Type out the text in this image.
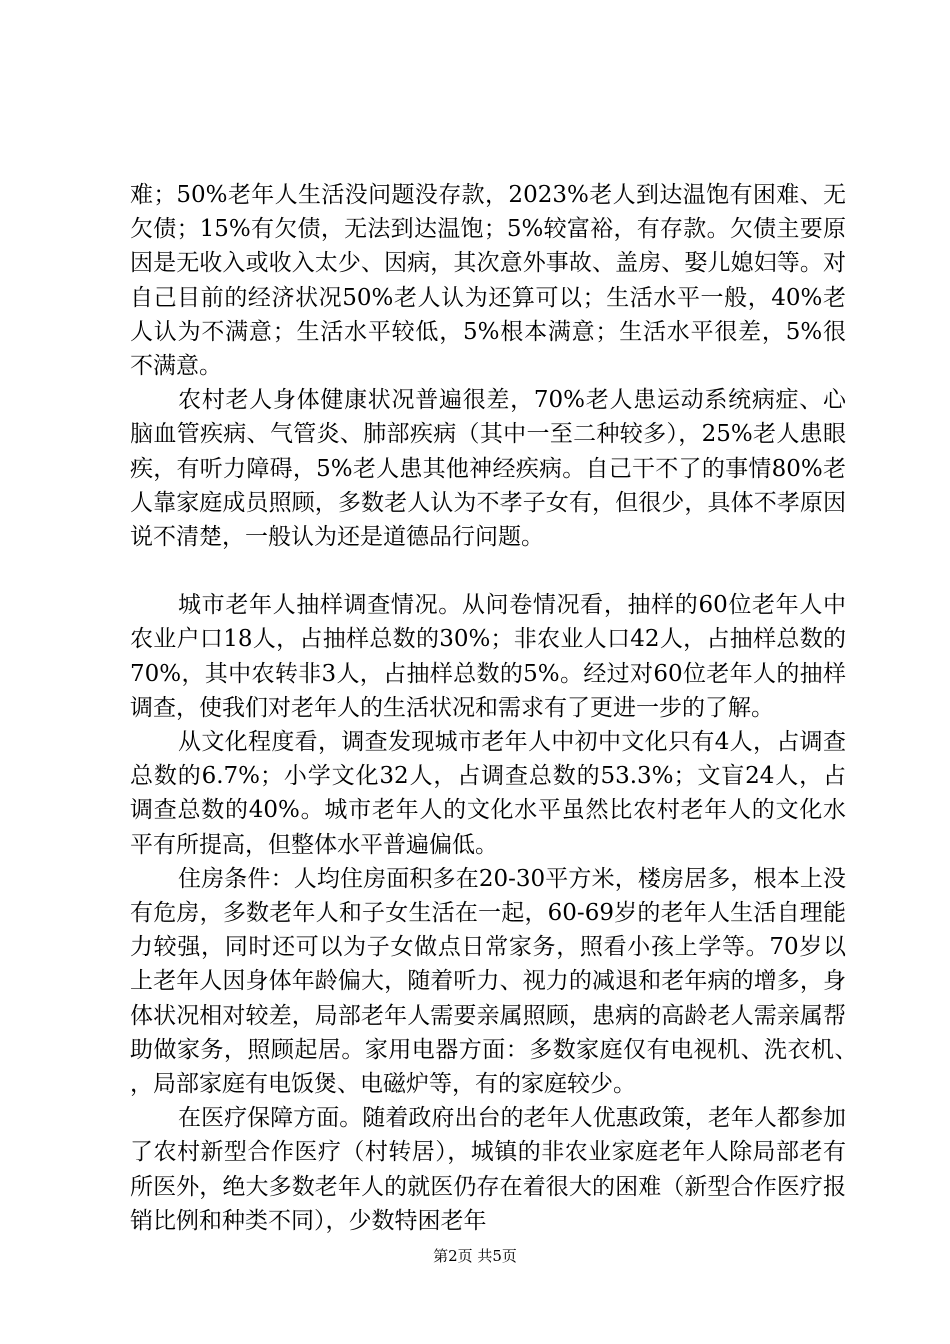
难；50%老年人生活没问题没存款，2023%老人到达温饱有困难、无欠债；15%有欠债，无法到达温饱；5%较富裕，有存款。欠债主要原因是无收入或收入太少、因病，其次意外事故、盖房、娶儿媳妇等。对自己目前的经济状况50%老人认为还算可以；生活水平一般，40%老人认为不满意；生活水平较低，5%根本满意；生活水平很差，5%很不满意。

农村老人身体健康状况普遍很差，70%老人患运动系统病症、心脑血管疾病、气管炎、肺部疾病（其中一至二种较多），25%老人患眼疾，有听力障碍，5%老人患其他神经疾病。自己干不了的事情80%老人靠家庭成员照顾，多数老人认为不孝子女有，但很少，具体不孝原因说不清楚，一般认为还是道德品行问题。

城市老年人抽样调查情况。从问卷情况看，抽样的60位老年人中农业户口18人，占抽样总数的30%；非农业人口42人，占抽样总数的70%，其中农转非3人，占抽样总数的5%。经过对60位老年人的抽样调查，使我们对老年人的生活状况和需求有了更进一步的了解。

从文化程度看，调查发现城市老年人中初中文化只有4人，占调查总数的6.7%；小学文化32人，占调查总数的53.3%；文盲24人，占调查总数的40%。城市老年人的文化水平虽然比农村老年人的文化水平有所提高，但整体水平普遍偏低。

住房条件：人均住房面积多在20-30平方米，楼房居多，根本上没有危房，多数老年人和子女生活在一起，60-69岁的老年人生活自理能力较强，同时还可以为子女做点日常家务，照看小孩上学等。70岁以上老年人因身体年龄偏大，随着听力、视力的减退和老年病的增多，身体状况相对较差，局部老年人需要亲属照顾，患病的高龄老人需亲属帮助做家务，照顾起居。家用电器方面：多数家庭仅有电视机、洗衣机、　　，局部家庭有电饭煲、电磁炉等，有的家庭较少。

在医疗保障方面。随着政府出台的老年人优惠政策，老年人都参加了农村新型合作医疗（村转居），城镇的非农业家庭老年人除局部老有所医外，绝大多数老年人的就医仍存在着很大的困难（新型合作医疗报销比例和种类不同），少数特困老年

第2页 共5页
